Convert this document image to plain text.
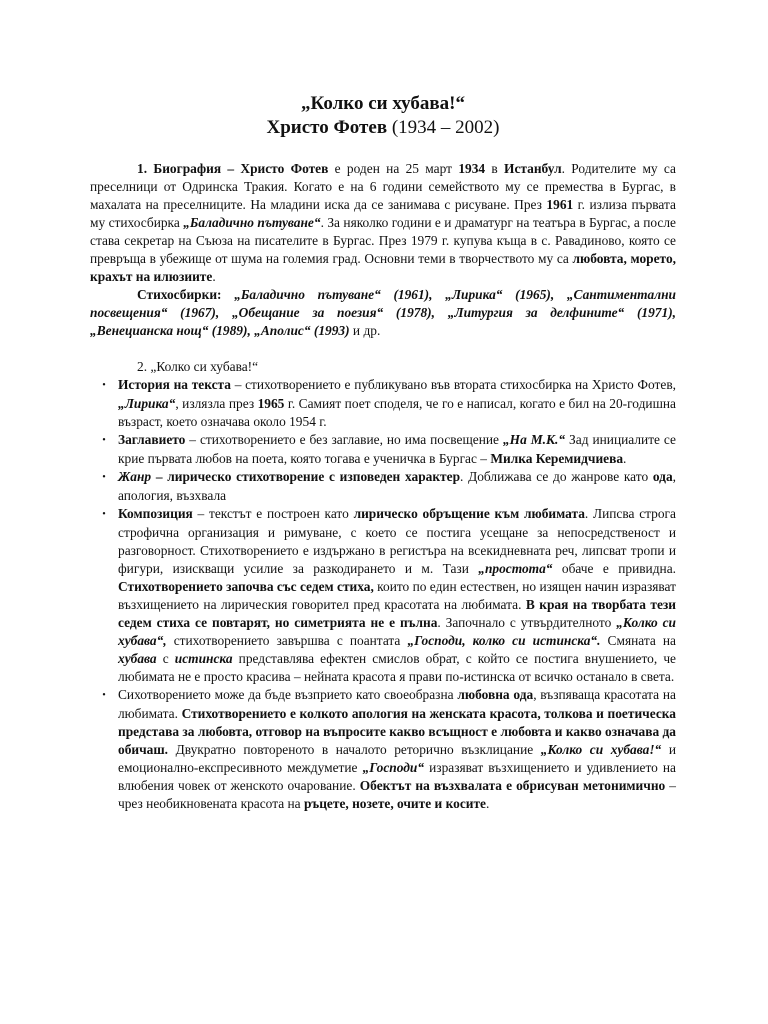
„Колко си хубава!“
Христо Фотев (1934 – 2002)

1. Биография – Христо Фотев е роден на 25 март 1934 в Истанбул. Родителите му са преселници от Одринска Тракия. Когато е на 6 години семейството му се премества в Бургас, в махалата на преселниците. На младини иска да се занимава с рисуване. През 1961 г. излиза първата му стихосбирка „Баладично пътуване“. За няколко години е и драматург на театъра в Бургас, а после става секретар на Съюза на писателите в Бургас. През 1979 г. купува къща в с. Равадиново, която се превръща в убежище от шума на големия град. Основни теми в творчеството му са любовта, морето, крахът на илюзиите.

Стихосбирки: „Баладично пътуване“ (1961), „Лирика“ (1965), „Сантиментални посвещения“ (1967), „Обещание за поезия“ (1978), „Литургия за делфините“ (1971), „Венецианска нощ“ (1989), „Аполис“ (1993) и др.

2. „Колко си хубава!“

• История на текста – стихотворението е публикувано във втората стихосбирка на Христо Фотев, „Лирика“, излязла през 1965 г. Самият поет споделя, че го е написал, когато е бил на 20-годишна възраст, което означава около 1954 г.

• Заглавието – стихотворението е без заглавие, но има посвещение „На М.К.“ Зад инициалите се крие първата любов на поета, която тогава е ученичка в Бургас – Милка Керемидчиева.

• Жанр – лирическо стихотворение с изповеден характер. Доближава се до жанрове като ода, апология, възхвала

• Композиция – текстът е построен като лирическо обръщение към любимата. Липсва строга строфична организация и римуване, с което се постига усещане за непосредственост и разговорност. Стихотворението е издържано в регистъра на всекидневната реч, липсват тропи и фигури, изискващи усилие за разкодирането и м. Тази „простота“ обаче е привидна. Стихотворението започва със седем стиха, които по един естествен, но изящен начин изразяват възхищението на лирическия говорител пред красотата на любимата. В края на творбата тези седем стиха се повтарят, но симетрията не е пълна. Започнало с утвърдителното „Колко си хубава“, стихотворението завършва с поантата „Господи, колко си истинска“. Смяната на хубава с истинска представлява ефектен смислов обрат, с който се постига внушението, че любимата не е просто красива – нейната красота я прави по-истинска от всичко останало в света.

• Сихотворението може да бъде възприето като своеобразна любовна ода, възпяваща красотата на любимата. Стихотворението е колкото апология на женската красота, толкова и поетическа представа за любовта, отговор на въпросите какво всъщност е любовта и какво означава да обичаш. Двукратно повтореното в началото реторично възклицание „Колко си хубава!“ и емоционално-експресивното междуметие „Господи“ изразяват възхищението и удивлението на влюбения човек от женското очарование. Обектът на възхвалата е обрисуван метонимично – чрез необикновената красота на ръцете, нозете, очите и косите.
